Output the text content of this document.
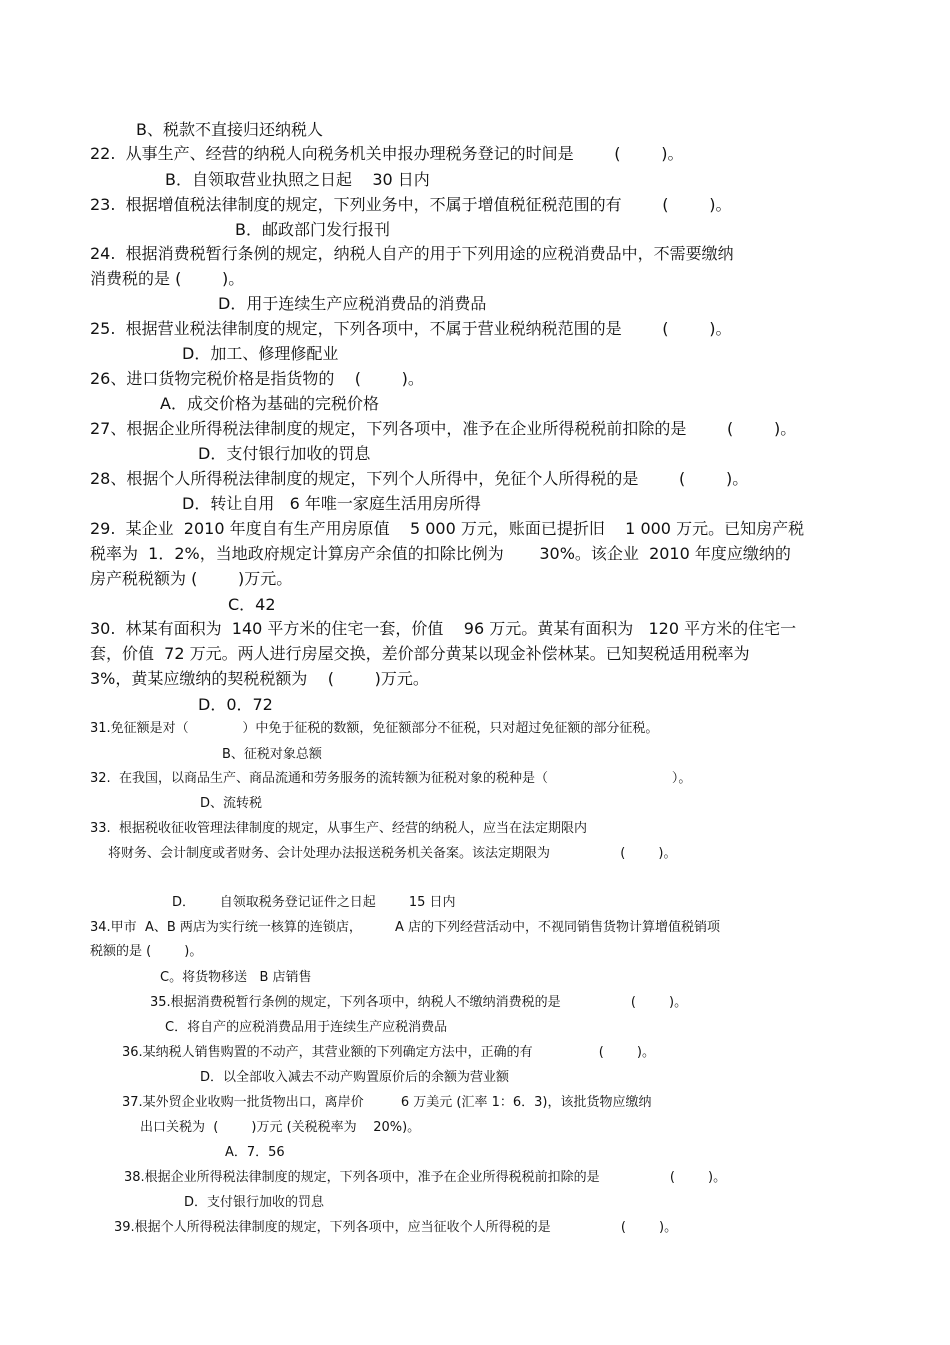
B、税款不直接归还纳税人
22.  从事生产、经营的纳税人向税务机关申报办理税务登记的时间是        (        )。
B．自领取营业执照之日起    30 日内
23.  根据增值税法律制度的规定，下列业务中，不属于增值税征税范围的有        (        )。
B．邮政部门发行报刊
24.  根据消费税暂行条例的规定，纳税人自产的用于下列用途的应税消费品中，不需要缴纳
消费税的是 (        )。
D．用于连续生产应税消费品的消费品
25.  根据营业税法律制度的规定，下列各项中，不属于营业税纳税范围的是        (        )。
D．加工、修理修配业
26、进口货物完税价格是指货物的    (        )。
A．成交价格为基础的完税价格
27、根据企业所得税法律制度的规定，下列各项中，准予在企业所得税税前扣除的是        (        )。
D．支付银行加收的罚息
28、根据个人所得税法律制度的规定，下列个人所得中，免征个人所得税的是        (        )。
D．转让自用   6 年唯一家庭生活用房所得
29.  某企业  2010 年度自有生产用房原值    5 000 万元，账面已提折旧    1 000 万元。已知房产税
税率为  1．2%，当地政府规定计算房产余值的扣除比例为       30%。该企业  2010 年度应缴纳的
房产税税额为 (        )万元。
C．42
30.  林某有面积为  140 平方米的住宅一套，价值    96 万元。黄某有面积为   120 平方米的住宅一
套，价值  72 万元。两人进行房屋交换，差价部分黄某以现金补偿林某。已知契税适用税率为
3%，黄某应缴纳的契税税额为    (        )万元。
D．0．72
31.免征额是对（             ）中免于征税的数额，免征额部分不征税，只对超过免征额的部分征税。
B、征税对象总额
32.  在我国，以商品生产、商品流通和劳务服务的流转额为征税对象的税种是（                              ）。
D、流转税
33.  根据税收征收管理法律制度的规定，从事生产、经营的纳税人，应当在法定期限内
将财务、会计制度或者财务、会计处理办法报送税务机关备案。该法定期限为                 (        )。
D．      自领取税务登记证件之日起        15 日内
34.甲市  A、B 两店为实行统一核算的连锁店，        A 店的下列经营活动中，不视同销售货物计算增值税销项
税额的是 (        )。
C。将货物移送   B 店销售
35.根据消费税暂行条例的规定，下列各项中，纳税人不缴纳消费税的是                 (        )。
C．将自产的应税消费品用于连续生产应税消费品
36.某纳税人销售购置的不动产，其营业额的下列确定方法中，正确的有                (        )。
D．以全部收入减去不动产购置原价后的余额为营业额
37.某外贸企业收购一批货物出口，离岸价         6 万美元 (汇率 1：6．3)，该批货物应缴纳
出口关税为  (        )万元 (关税税率为    20%)。
A．7．56
38.根据企业所得税法律制度的规定，下列各项中，准予在企业所得税税前扣除的是                 (        )。
D．支付银行加收的罚息
39.根据个人所得税法律制度的规定，下列各项中，应当征收个人所得税的是                 (        )。
